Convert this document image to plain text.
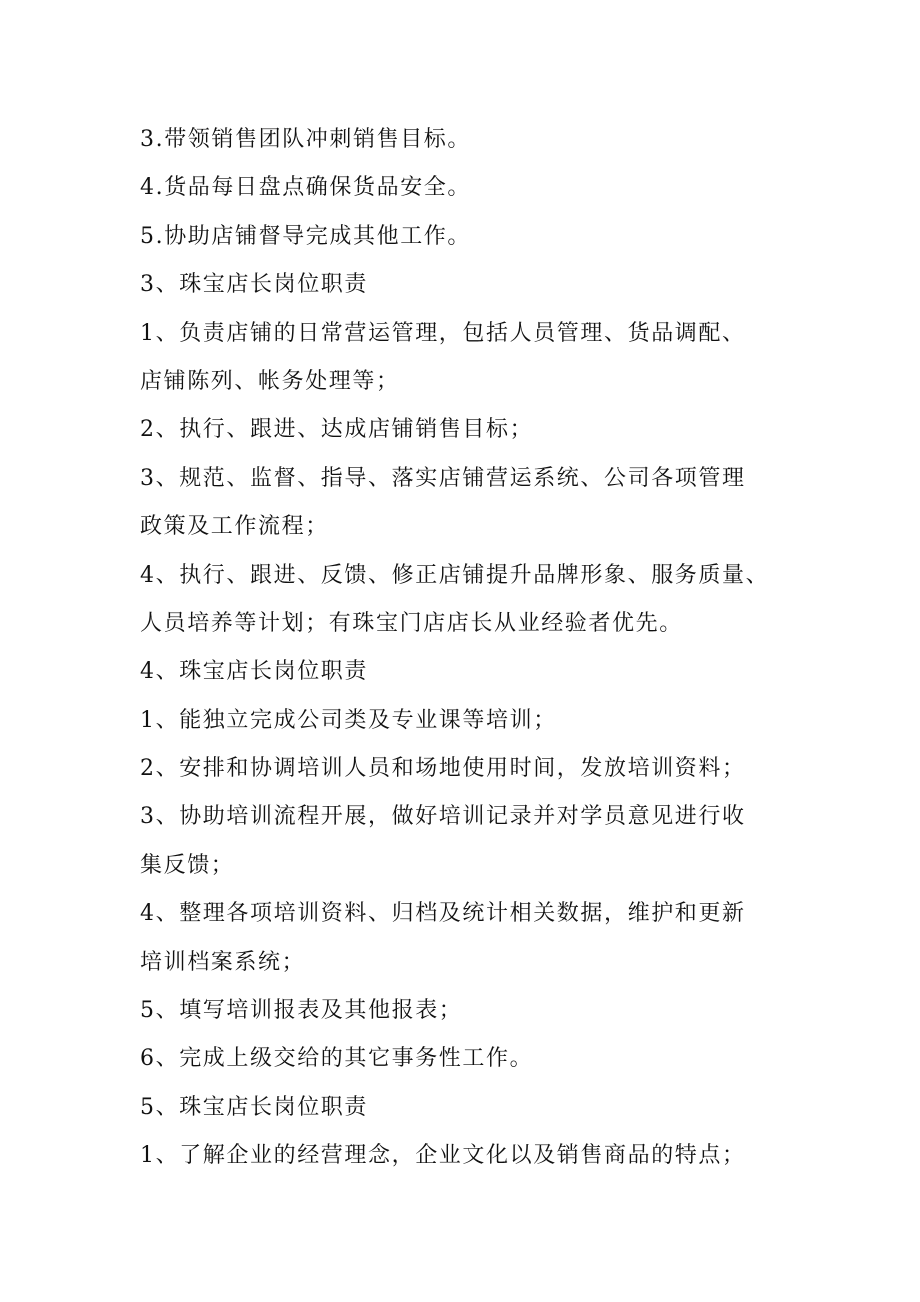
3.带领销售团队冲刺销售目标。
4.货品每日盘点确保货品安全。
5.协助店铺督导完成其他工作。
3、珠宝店长岗位职责
1、负责店铺的日常营运管理，包括人员管理、货品调配、
店铺陈列、帐务处理等；
2、执行、跟进、达成店铺销售目标；
3、规范、监督、指导、落实店铺营运系统、公司各项管理
政策及工作流程；
4、执行、跟进、反馈、修正店铺提升品牌形象、服务质量、
人员培养等计划；有珠宝门店店长从业经验者优先。
4、珠宝店长岗位职责
1、能独立完成公司类及专业课等培训；
2、安排和协调培训人员和场地使用时间，发放培训资料；
3、协助培训流程开展，做好培训记录并对学员意见进行收
集反馈；
4、整理各项培训资料、归档及统计相关数据，维护和更新
培训档案系统；
5、填写培训报表及其他报表；
6、完成上级交给的其它事务性工作。
5、珠宝店长岗位职责
1、了解企业的经营理念，企业文化以及销售商品的特点；
